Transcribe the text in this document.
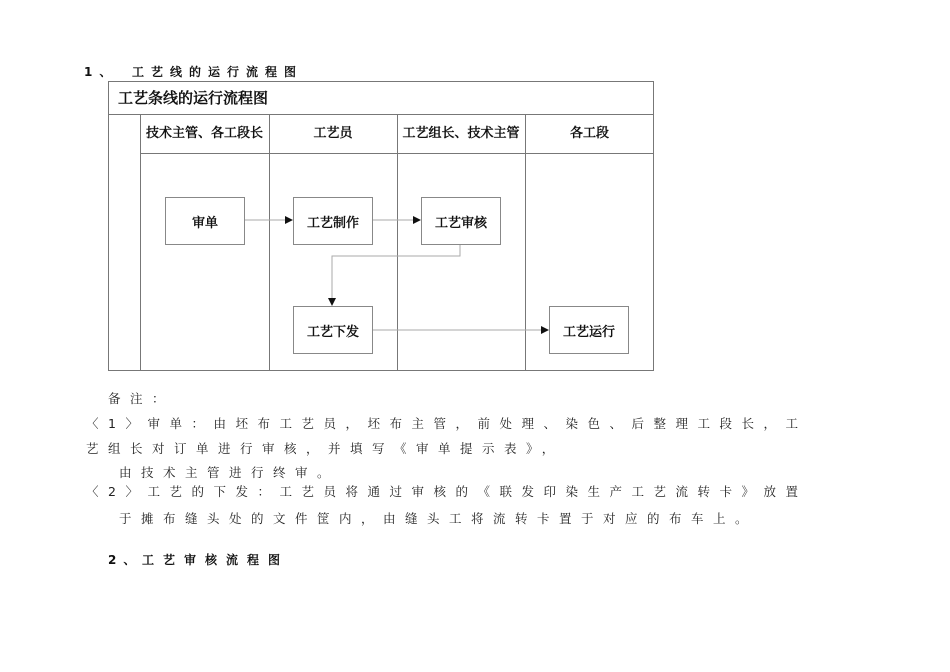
1、 工艺线的运行流程图
工艺条线的运行流程图
技术主管、各工段长	工艺员	工艺组长、技术主管	各工段
审单	工艺制作	工艺审核
工艺下发	工艺运行
备注：
〈1〉审单：由坯布工艺员，坯布主管，前处理、染色、后整理工段长，工
艺组长对订单进行审核，并填写《审单提示表》，
由技术主管进行终审。
〈2〉工艺的下发：工艺员将通过审核的《联发印染生产工艺流转卡》放置
于摊布缝头处的文件筐内，由缝头工将流转卡置于对应的布车上。
2、 工艺审核流程图
